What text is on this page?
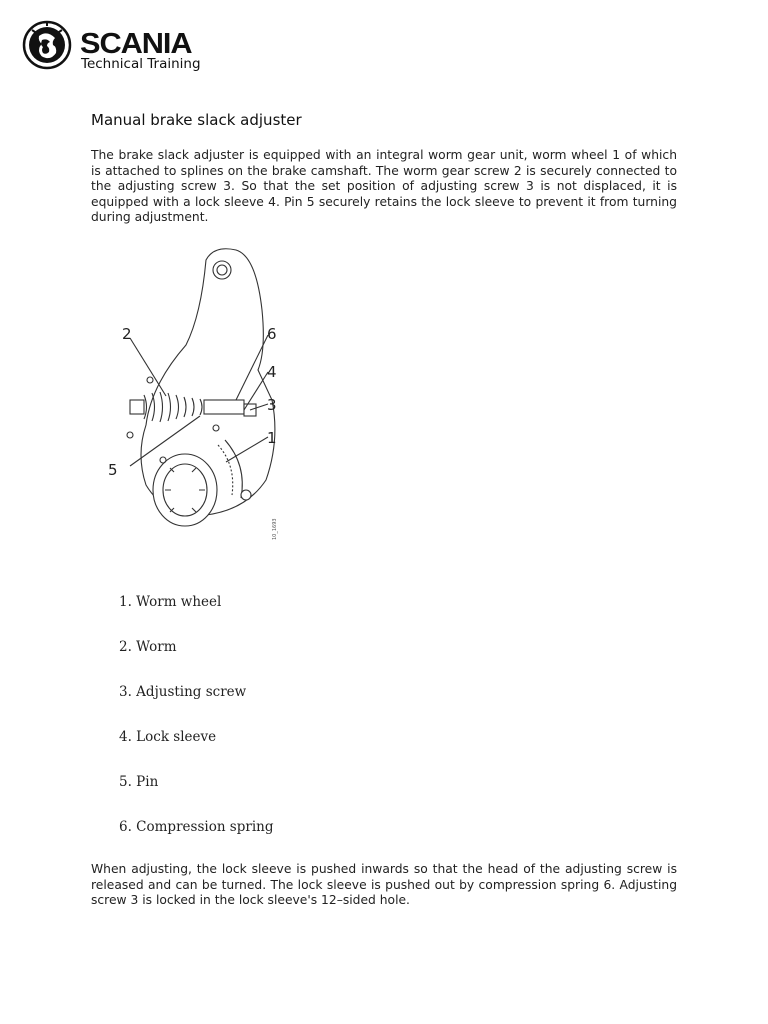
SCANIA
Technical Training
Manual brake slack adjuster

The brake slack adjuster is equipped with an integral worm gear unit, worm wheel 1 of which is attached to splines on the brake camshaft. The worm gear screw 2 is securely connected to the adjusting screw 3. So that the set position of adjusting screw 3 is not displaced, it is equipped with a lock sleeve 4. Pin 5 securely retains the lock sleeve to prevent it from turning during adjustment.

2	6
4
3
1
5
10_1693
1. Worm wheel
2. Worm
3. Adjusting screw
4. Lock sleeve
5. Pin
6. Compression spring

When adjusting, the lock sleeve is pushed inwards so that the head of the adjusting screw is released and can be turned. The lock sleeve is pushed out by compression spring 6. Adjusting screw 3 is locked in the lock sleeve's 12–sided hole.
